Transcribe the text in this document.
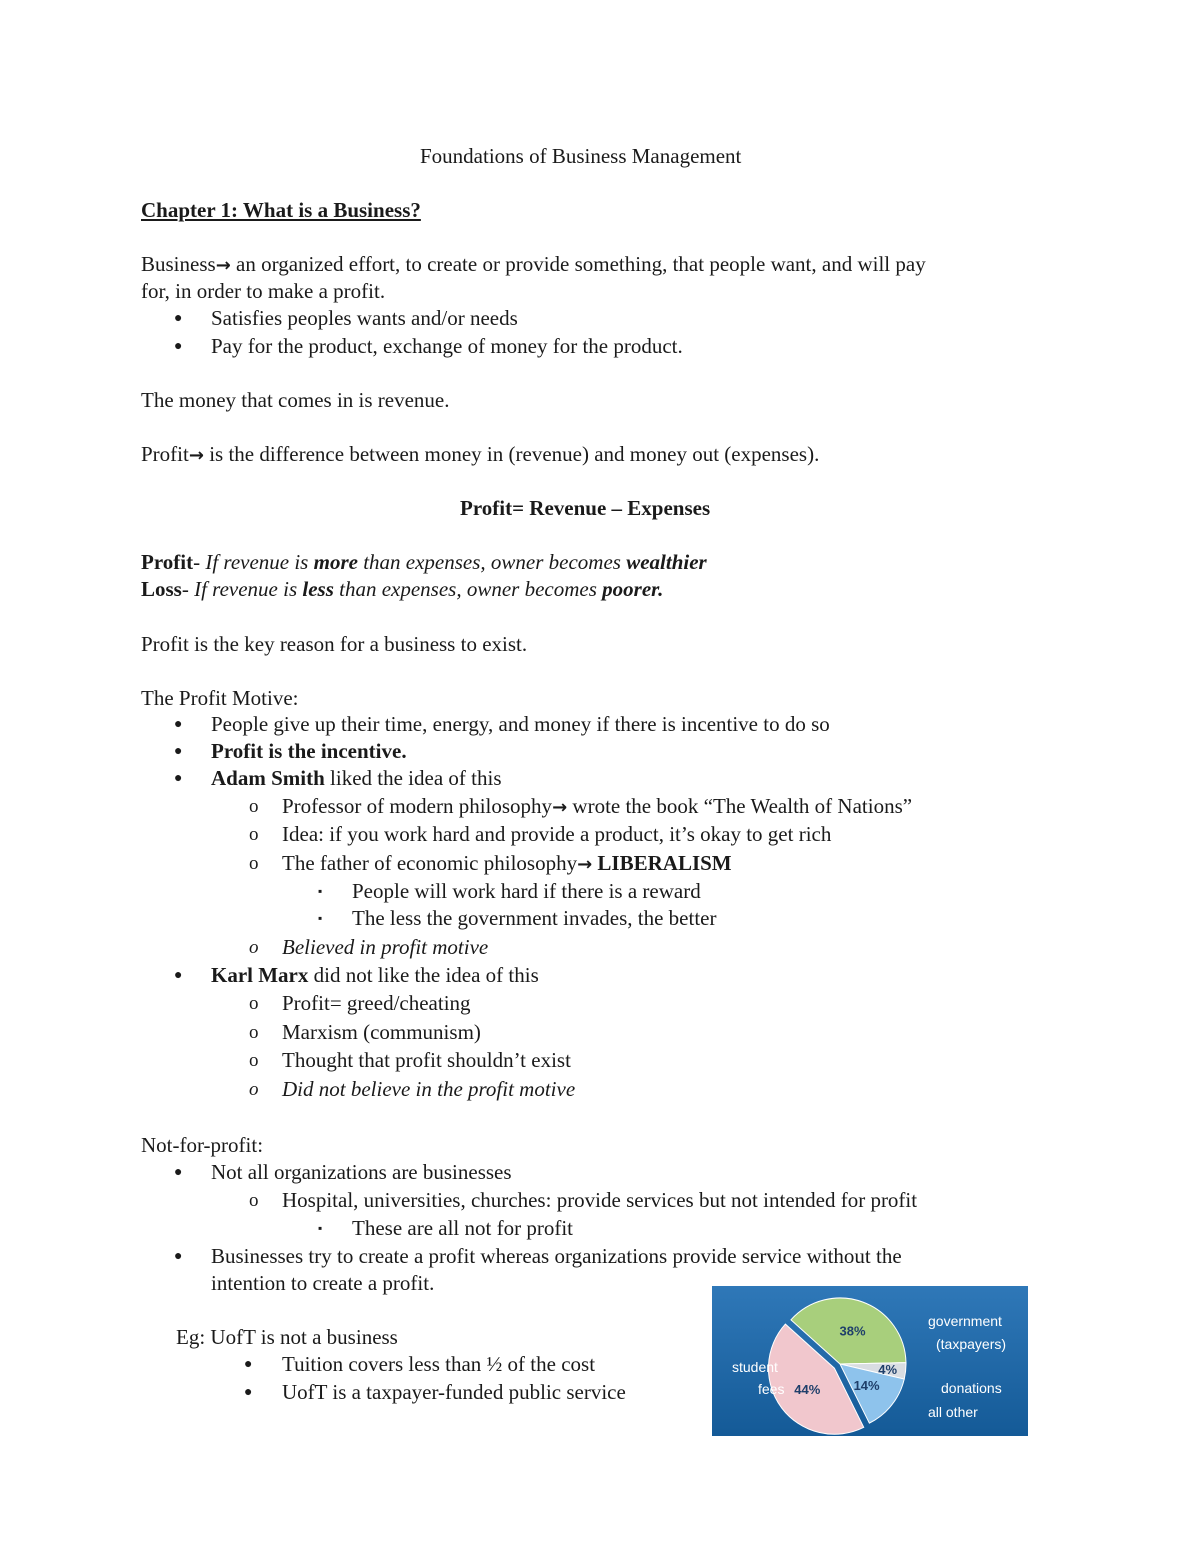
Foundations of Business Management
Chapter 1: What is a Business?
Business→ an organized effort, to create or provide something, that people want, and will pay
for, in order to make a profit.
● Satisfies peoples wants and/or needs
● Pay for the product, exchange of money for the product.
The money that comes in is revenue.
Profit→ is the difference between money in (revenue) and money out (expenses).
Profit= Revenue – Expenses
Profit- If revenue is more than expenses, owner becomes wealthier
Loss- If revenue is less than expenses, owner becomes poorer.
Profit is the key reason for a business to exist.
The Profit Motive:
● People give up their time, energy, and money if there is incentive to do so
● Profit is the incentive.
● Adam Smith liked the idea of this
o Professor of modern philosophy→ wrote the book “The Wealth of Nations”
o Idea: if you work hard and provide a product, it’s okay to get rich
o The father of economic philosophy→ LIBERALISM
▪ People will work hard if there is a reward
▪ The less the government invades, the better
o Believed in profit motive
● Karl Marx did not like the idea of this
o Profit= greed/cheating
o Marxism (communism)
o Thought that profit shouldn’t exist
o Did not believe in the profit motive
Not-for-profit:
● Not all organizations are businesses
o Hospital, universities, churches: provide services but not intended for profit
▪ These are all not for profit
● Businesses try to create a profit whereas organizations provide service without the
intention to create a profit.
Eg: UofT is not a business
● Tuition covers less than ½ of the cost
● UofT is a taxpayer-funded public service
38%
4%
14%
44%
government
(taxpayers)
student
fees	donations
all other
